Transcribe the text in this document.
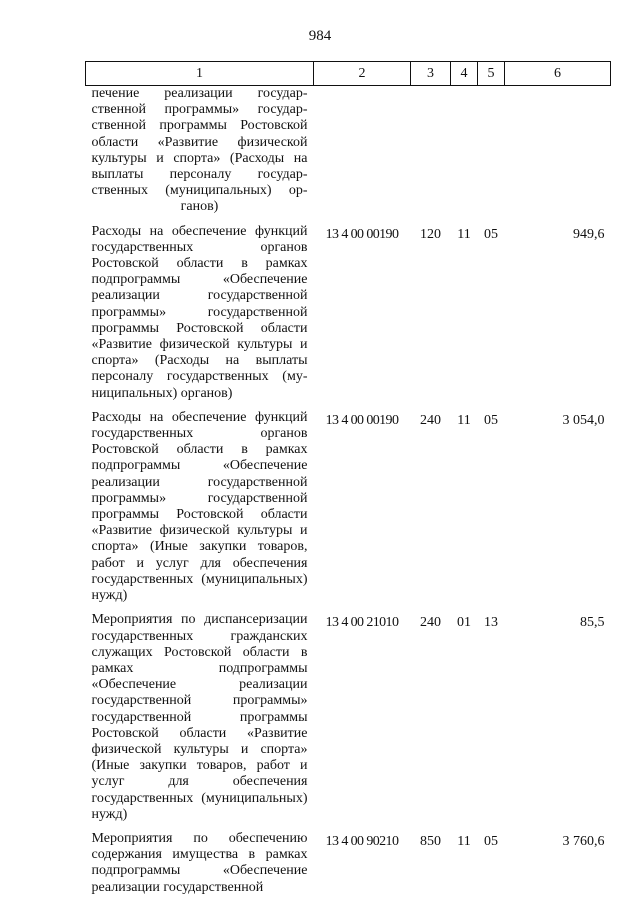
984
1	2	3	4	5	6
печение реализации государственной программы» государственной программы Ростовской области «Развитие физической культуры и спорта» (Расходы на выплаты персоналу государственных (муниципальных) органов)					
Расходы на обеспечение функций государственных органов Ростовской области в рамках подпрограммы «Обеспечение реализации государственной программы» государственной программы Ростовской области «Развитие физической культуры и спорта» (Расходы на выплаты персоналу государственных (муниципальных) органов)	13 4 00 00190	120	11	05	949,6
Расходы на обеспечение функций государственных органов Ростовской области в рамках подпрограммы «Обеспечение реализации государственной программы» государственной программы Ростовской области «Развитие физической культуры и спорта» (Иные закупки товаров, работ и услуг для обеспечения государственных (муниципальных) нужд)	13 4 00 00190	240	11	05	3 054,0
Мероприятия по диспансеризации государственных гражданских служащих Ростовской области в рамках подпрограммы «Обеспечение реализации государственной программы» государственной программы Ростовской области «Развитие физической культуры и спорта» (Иные закупки товаров, работ и услуг для обеспечения государственных (муниципальных) нужд)	13 4 00 21010	240	01	13	85,5
Мероприятия по обеспечению содержания имущества в рамках подпрограммы «Обеспечение реализации государственной	13 4 00 90210	850	11	05	3 760,6
